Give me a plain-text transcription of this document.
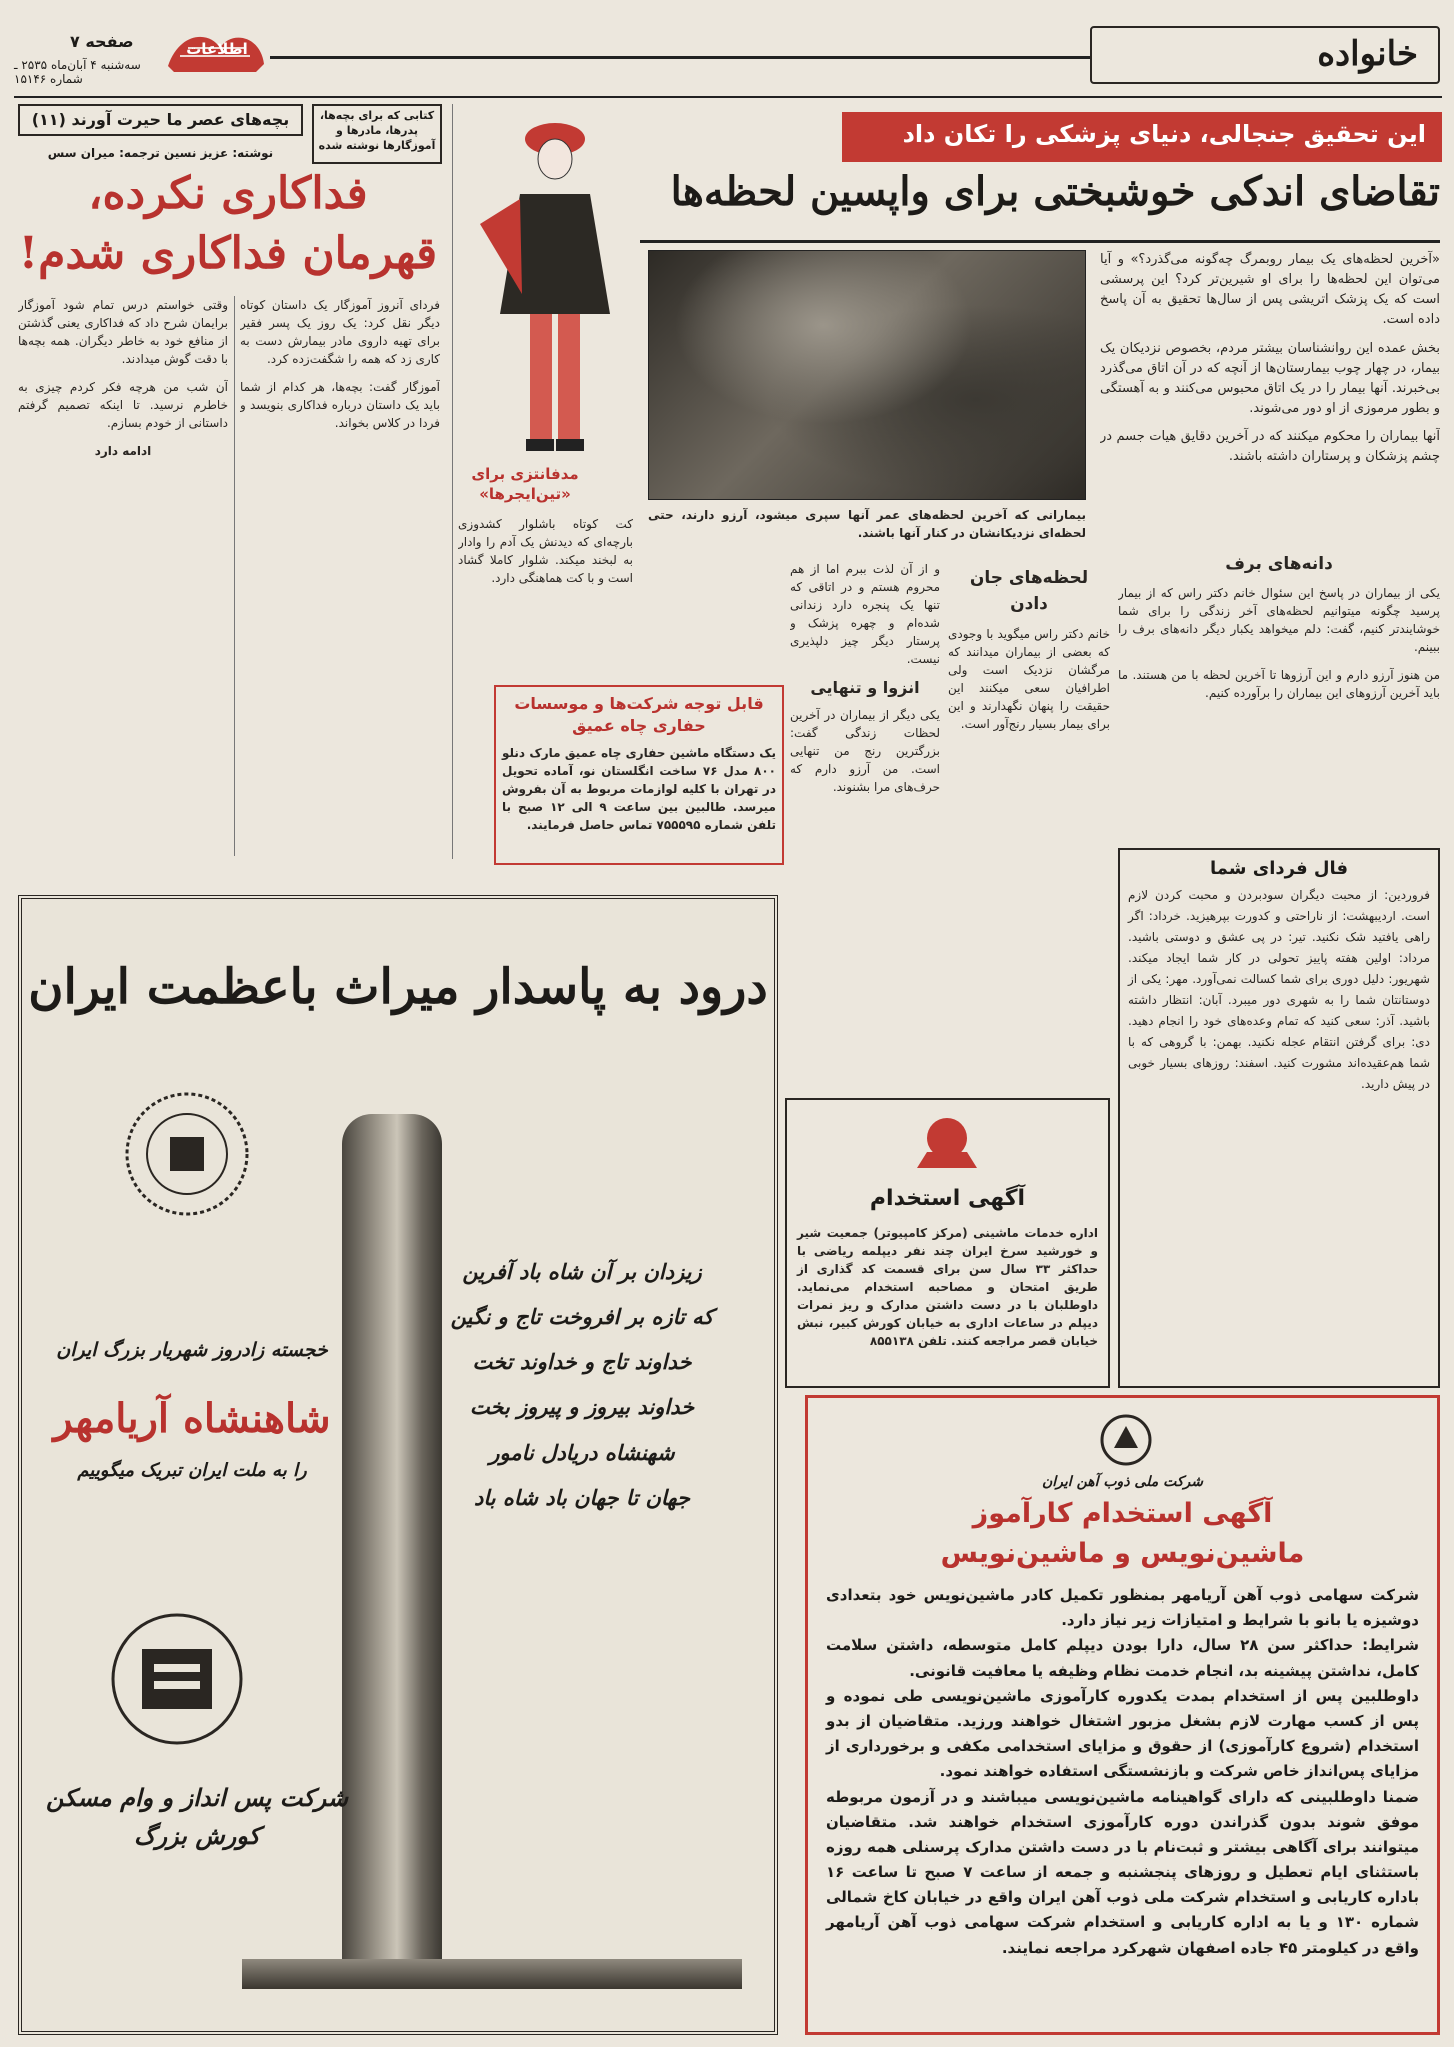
خانواده
اطلاعات
صفحه ۷
سه‌شنبه ۴ آبان‌ماه ۲۵۳۵ ـ شماره ۱۵۱۴۶
بچه‌های عصر ما حیرت آورند (۱۱)	کتابی که برای بچه‌ها، پدرها، مادرها و آموزگارها نوشته شده
نوشته: عزیز نسین ترجمه: میران سس
فداکاری نکرده،
قهرمان فداکاری شدم!

فردای آنروز آموزگار یک داستان کوتاه دیگر نقل کرد: یک روز یک پسر فقیر برای تهیه داروی مادر بیمارش دست به کاری زد که همه را شگفت‌زده کرد.

آموزگار گفت: بچه‌ها، هر کدام از شما باید یک داستان درباره فداکاری بنویسد و فردا در کلاس بخواند.

وقتی خواستم درس تمام شود آموزگار برایمان شرح داد که فداکاری یعنی گذشتن از منافع خود به خاطر دیگران. همه بچه‌ها با دقت گوش میدادند.

آن شب من هرچه فکر کردم چیزی به خاطرم نرسید. تا اینکه تصمیم گرفتم داستانی از خودم بسازم.

ادامه دارد

مدفانتزی برای «تین‌ایجرها»
کت کوتاه باشلوار کشدوزی بارچه‌ای که دیدنش یک آدم را وادار به لبخند میکند. شلوار کاملا گشاد است و با کت هماهنگی دارد.
این تحقیق جنجالی، دنیای پزشکی را تکان داد
تقاضای اندکی خوشبختی برای واپسین لحظه‌ها

«آخرین لحظه‌های یک بیمار روبمرگ چه‌گونه می‌گذرد؟» و آیا می‌توان این لحظه‌ها را برای او شیرین‌تر کرد؟ این پرسشی است که یک پزشک اتریشی پس از سال‌ها تحقیق به آن پاسخ داده است.

بخش عمده این روانشناسان بیشتر مردم، بخصوص نزدیکان یک بیمار، در چهار چوب بیمارستان‌ها از آنچه که در آن اتاق می‌گذرد بی‌خبرند. آنها بیمار را در یک اتاق محبوس می‌کنند و به آهستگی و بطور مرموزی از او دور می‌شوند.

آنها بیماران را محکوم میکنند که در آخرین دقایق هیات جسم در چشم پزشکان و پرستاران داشته باشند.

بیمارانی که آخرین لحظه‌های عمر آنها سپری میشود، آرزو دارند، حتی لحظه‌ای نزدیکانشان در کنار آنها باشند.
دانه‌های برف

یکی از بیماران در پاسخ این سئوال خانم دکتر راس که از بیمار پرسید چگونه میتوانیم لحظه‌های آخر زندگی را برای شما خوشایندتر کنیم، گفت: دلم میخواهد یکبار دیگر دانه‌های برف را ببینم.

من هنوز آرزو دارم و این آرزوها تا آخرین لحظه با من هستند. ما باید آخرین آرزوهای این بیماران را برآورده کنیم.

لحظه‌های جان دادن

خانم دکتر راس میگوید با وجودی که بعضی از بیماران میدانند که مرگشان نزدیک است ولی اطرافیان سعی میکنند این حقیقت را پنهان نگهدارند و این برای بیمار بسیار رنج‌آور است.

و از آن لذت ببرم اما از هم محروم هستم و در اتاقی که تنها یک پنجره دارد زندانی شده‌ام و چهره پزشک و پرستار دیگر چیز دلپذیری نیست.

انزوا و تنهایی

یکی دیگر از بیماران در آخرین لحظات زندگی گفت: بزرگترین رنج من تنهایی است. من آرزو دارم که حرف‌های مرا بشنوند.

قابل توجه شرکت‌ها و موسسات حفاری چاه عمیق
یک دستگاه ماشین حفاری چاه عمیق مارک دنلو ۸۰۰ مدل ۷۶ ساخت انگلستان نو، آماده تحویل در تهران با کلیه لوازمات مربوط به آن بفروش میرسد. طالبین بین ساعت ۹ الی ۱۲ صبح با تلفن شماره ۷۵۵۵۹۵ تماس حاصل فرمایند.
فال فردای شما
فروردین: از محبت دیگران سودبردن و محبت کردن لازم است. اردیبهشت: از ناراحتی و کدورت بپرهیزید. خرداد: اگر راهی یافتید شک نکنید. تیر: در پی عشق و دوستی باشید. مرداد: اولین هفته پاییز تحولی در کار شما ایجاد میکند. شهریور: دلیل دوری برای شما کسالت نمی‌آورد. مهر: یکی از دوستانتان شما را به شهری دور میبرد. آبان: انتظار داشته باشید. آذر: سعی کنید که تمام وعده‌های خود را انجام دهید. دی: برای گرفتن انتقام عجله نکنید. بهمن: با گروهی که با شما هم‌عقیده‌اند مشورت کنید. اسفند: روزهای بسیار خوبی در پیش دارید.
آگهی استخدام
اداره خدمات ماشینی (مرکز کامپیوتر) جمعیت شیر و خورشید سرخ ایران چند نفر دیپلمه ریاضی با حداکثر ۳۳ سال سن برای قسمت کد گذاری از طریق امتحان و مصاحبه استخدام می‌نماید. داوطلبان با در دست داشتن مدارک و ریز نمرات دیپلم در ساعات اداری به خیابان کورش کبیر، نبش خیابان قصر مراجعه کنند. تلفن ۸۵۵۱۳۸
درود به پاسدار میراث باعظمت ایران
زیزدان بر آن شاه باد آفرین
که تازه بر افروخت تاج و نگین
خداوند تاج و خداوند تخت
خداوند بیروز و پیروز بخت
شهنشاه دریادل نامور
جهان تا جهان باد شاه باد
خجسته زادروز شهریار بزرگ ایران
شاهنشاه آریامهر
را به ملت ایران تبریک میگوییم
شرکت پس انداز و وام مسکن کورش بزرگ
شرکت ملی ذوب آهن ایران
آگهی استخدام کارآموز
ماشین‌نویس و ماشین‌نویس

شرکت سهامی ذوب آهن آریامهر بمنظور تکمیل کادر ماشین‌نویس خود بتعدادی دوشیزه یا بانو با شرایط و امتیازات زیر نیاز دارد.

شرایط: حداکثر سن ۲۸ سال، دارا بودن دیپلم کامل متوسطه، داشتن سلامت کامل، نداشتن پیشینه بد، انجام خدمت نظام وظیفه یا معافیت قانونی.

داوطلبین پس از استخدام بمدت یکدوره کارآموزی ماشین‌نویسی طی نموده و پس از کسب مهارت لازم بشغل مزبور اشتغال خواهند ورزید. متقاضیان از بدو استخدام (شروع کارآموزی) از حقوق و مزایای استخدامی مکفی و برخورداری از مزایای پس‌انداز خاص شرکت و بازنشستگی استفاده خواهند نمود.

ضمنا داوطلبینی که دارای گواهینامه ماشین‌نویسی میباشند و در آزمون مربوطه موفق شوند بدون گذراندن دوره کارآموزی استخدام خواهند شد. متقاضیان میتوانند برای آگاهی بیشتر و ثبت‌نام با در دست داشتن مدارک پرسنلی همه روزه باستثنای ایام تعطیل و روزهای پنجشنبه و جمعه از ساعت ۷ صبح تا ساعت ۱۶ باداره کاریابی و استخدام شرکت ملی ذوب آهن ایران واقع در خیابان کاخ شمالی شماره ۱۳۰ و یا به اداره کاریابی و استخدام شرکت سهامی ذوب آهن آریامهر واقع در کیلومتر ۴۵ جاده اصفهان شهرکرد مراجعه نمایند.
